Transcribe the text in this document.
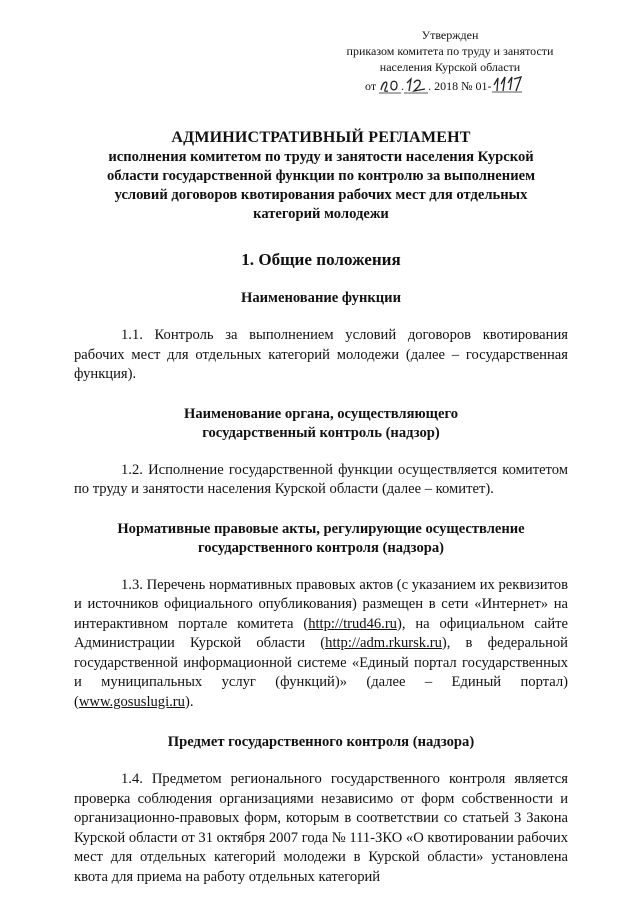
Утвержден
приказом комитета по труду и занятости
населения Курской области
от . . 2018 № 01-
АДМИНИСТРАТИВНЫЙ РЕГЛАМЕНТ
исполнения комитетом по труду и занятости населения Курской области государственной функции по контролю за выполнением условий договоров квотирования рабочих мест для отдельных категорий молодежи
1. Общие положения
Наименование функции

1.1. Контроль за выполнением условий договоров квотирования рабочих мест для отдельных категорий молодежи (далее – государственная функция).

Наименование органа, осуществляющего государственный контроль (надзор)

1.2. Исполнение государственной функции осуществляется комитетом по труду и занятости населения Курской области (далее – комитет).

Нормативные правовые акты, регулирующие осуществление государственного контроля (надзора)

1.3. Перечень нормативных правовых актов (с указанием их реквизитов и источников официального опубликования) размещен в сети «Интернет» на интерактивном портале комитета (http://trud46.ru), на официальном сайте Администрации Курской области (http://adm.rkursk.ru), в федеральной государственной информационной системе «Единый портал государственных и муниципальных услуг (функций)» (далее – Единый портал) (www.gosuslugi.ru).

Предмет государственного контроля (надзора)

1.4. Предметом регионального государственного контроля является проверка соблюдения организациями независимо от форм собственности и организационно-правовых форм, которым в соответствии со статьей 3 Закона Курской области от 31 октября 2007 года № 111-ЗКО «О квотировании рабочих мест для отдельных категорий молодежи в Курской области» установлена квота для приема на работу отдельных категорий
